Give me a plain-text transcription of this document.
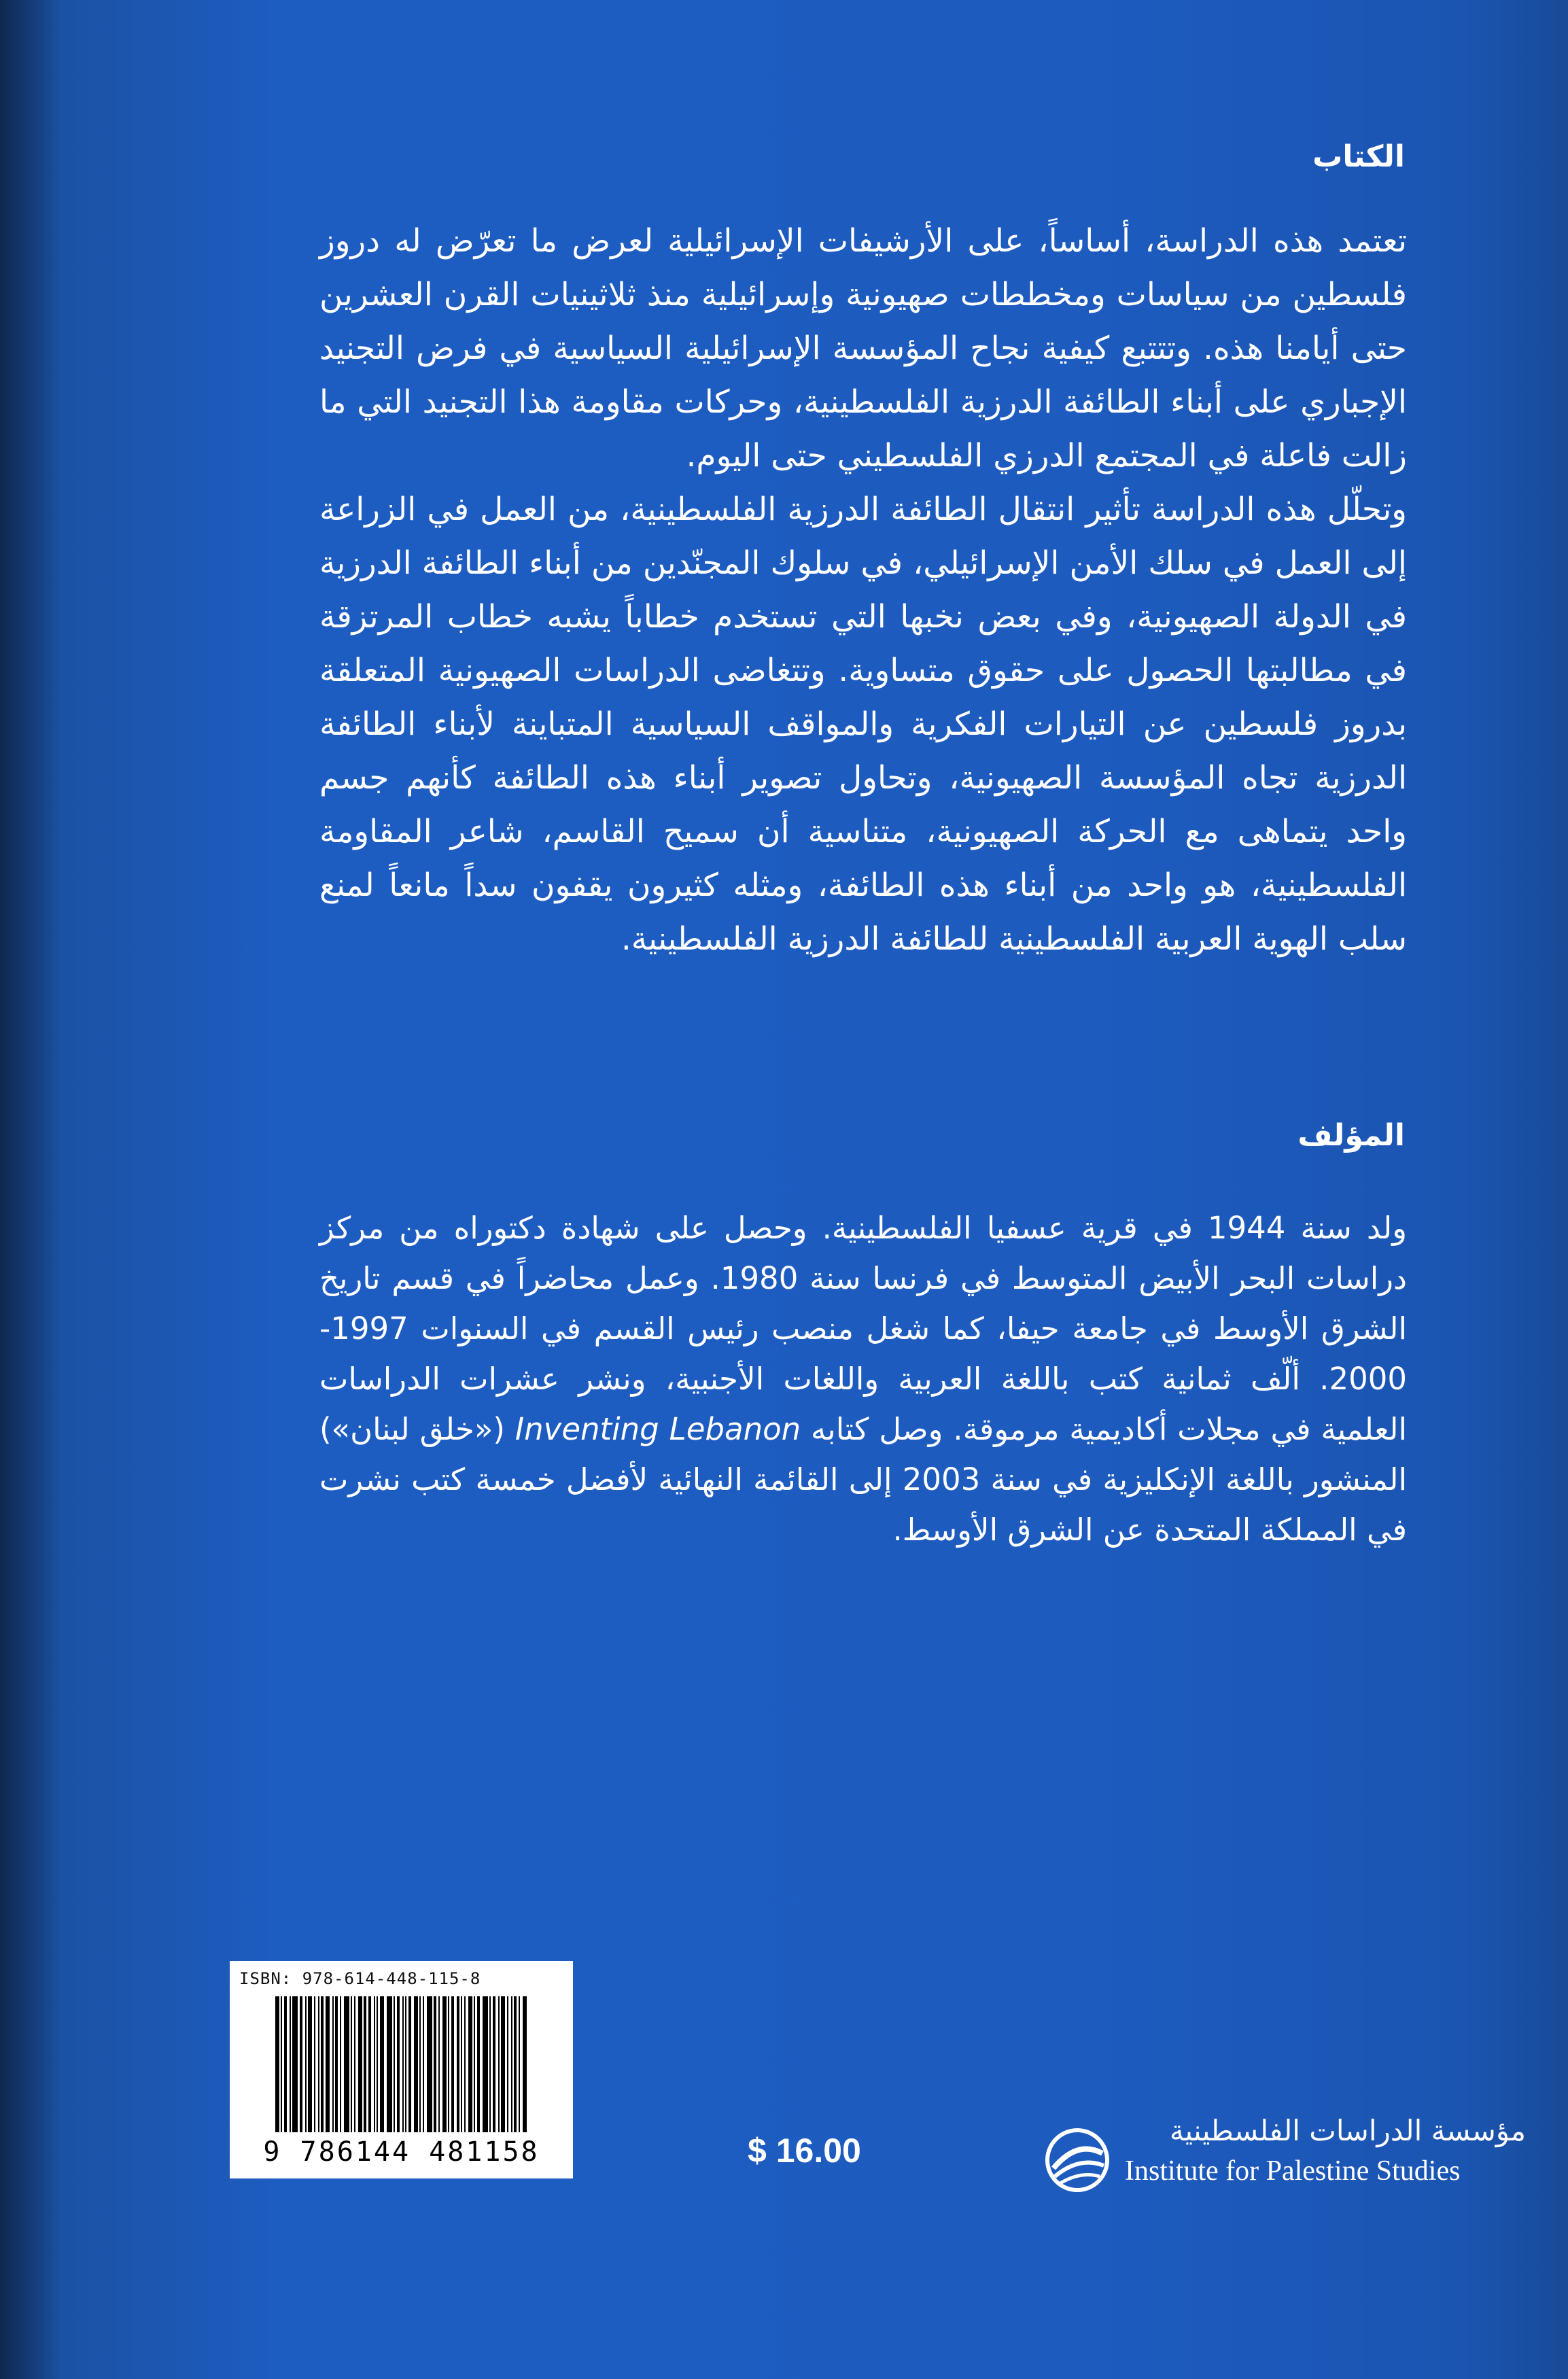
الكتاب

تعتمد هذه الدراسة، أساساً، على الأرشيفات الإسرائيلية لعرض ما تعرّض له دروز فلسطين من سياسات ومخططات صهيونية وإسرائيلية منذ ثلاثينيات القرن العشرين حتى أيامنا هذه. وتتتبع كيفية نجاح المؤسسة الإسرائيلية السياسية في فرض التجنيد الإجباري على أبناء الطائفة الدرزية الفلسطينية، وحركات مقاومة هذا التجنيد التي ما زالت فاعلة في المجتمع الدرزي الفلسطيني حتى اليوم.

وتحلّل هذه الدراسة تأثير انتقال الطائفة الدرزية الفلسطينية، من العمل في الزراعة إلى العمل في سلك الأمن الإسرائيلي، في سلوك المجنّدين من أبناء الطائفة الدرزية في الدولة الصهيونية، وفي بعض نخبها التي تستخدم خطاباً يشبه خطاب المرتزقة في مطالبتها الحصول على حقوق متساوية. وتتغاضى الدراسات الصهيونية المتعلقة بدروز فلسطين عن التيارات الفكرية والمواقف السياسية المتباينة لأبناء الطائفة الدرزية تجاه المؤسسة الصهيونية، وتحاول تصوير أبناء هذه الطائفة كأنهم جسم واحد يتماهى مع الحركة الصهيونية، متناسية أن سميح القاسم، شاعر المقاومة الفلسطينية، هو واحد من أبناء هذه الطائفة، ومثله كثيرون يقفون سداً مانعاً لمنع سلب الهوية العربية الفلسطينية للطائفة الدرزية الفلسطينية.

المؤلف

ولد سنة 1944 في قرية عسفيا الفلسطينية. وحصل على شهادة دكتوراه من مركز دراسات البحر الأبيض المتوسط في فرنسا سنة 1980. وعمل محاضراً في قسم تاريخ الشرق الأوسط في جامعة حيفا، كما شغل منصب رئيس القسم في السنوات 1997-2000. ألّف ثمانية كتب باللغة العربية واللغات الأجنبية، ونشر عشرات الدراسات العلمية في مجلات أكاديمية مرموقة. وصل كتابه Inventing Lebanon («خلق لبنان») المنشور باللغة الإنكليزية في سنة 2003 إلى القائمة النهائية لأفضل خمسة كتب نشرت في المملكة المتحدة عن الشرق الأوسط.

ISBN: 978-614-448-115-8
9 786144 481158	$ 16.00
مؤسسة الدراسات الفلسطينية
Institute for Palestine Studies
